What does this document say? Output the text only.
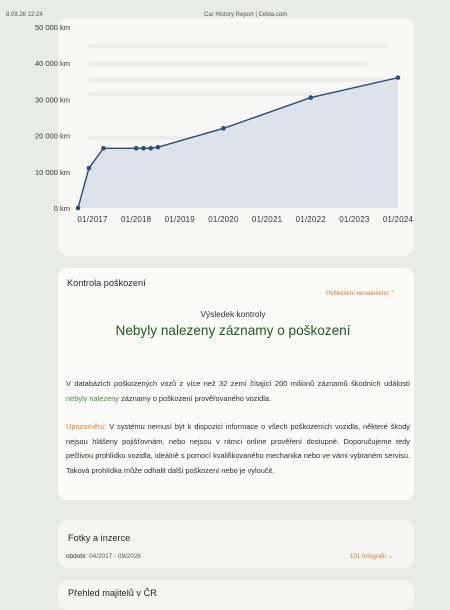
8.09.26 12:24	Car History Report | Cebia.com
0 km
10 000 km
20 000 km
30 000 km
40 000 km
50 000 km
01/2017 01/2018 01/2019 01/2020 01/2021 01/2022 01/2023 01/2024
Kontrola poškození
Poškození nenalezeno ⌃
Výsledek kontroly
Nebyly nalezeny záznamy o poškození
V databázích poškozených vozů z více než 32 zemí čítající 200 milionů záznamů škodních událostí nebyly nalezeny záznamy o poškození prověřovaného vozidla.
Upozornění: V systému nemusí být k dispozici informace o všech poškozeních vozidla, některé škody nejsou hlášeny pojišťovnám, nebo nejsou v rámci online prověření dostupné. Doporučujeme tedy pečlivou prohlídku vozidla, ideálně s pomocí kvalifikovaného mechanika nebo ve vámi vybraném servisu. Taková prohlídka může odhalit další poškození nebo je vyloučit.
Fotky a inzerce
období: 04/2017 - 09/2026	101 fotografií ⌄
Přehled majitelů v ČR
